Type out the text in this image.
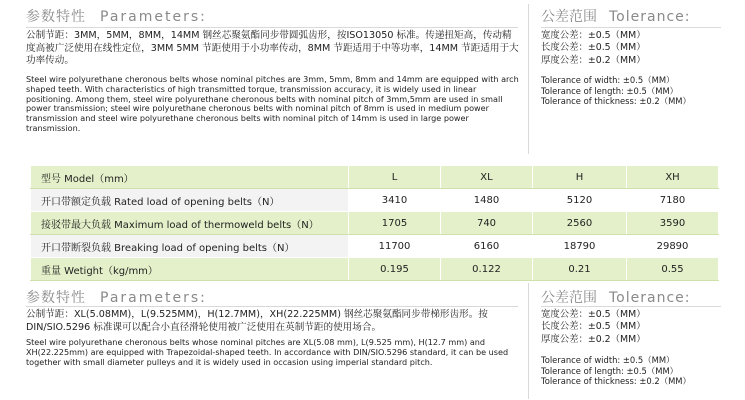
参数特性 Parameters:	公差范围 Tolerance:
公制节距：3MM，5MM，8MM，14MM 钢丝芯聚氨酯同步带圆弧齿形，按ISO13050 标准。传递扭矩高，传动精度高被广泛使用在线性定位，3MM 5MM 节距使用于小功率传动，8MM 节距适用于中等功率，14MM 节距适用于大功率传动。
Steel wire polyurethane cheronous belts whose nominal pitches are 3mm, 5mm, 8mm and 14mm are equipped with arch shaped teeth. With characteristics of high transmitted torque, transmission accuracy, it is widely used in linear positioning. Among them, steel wire polyurethane cheronous belts with nominal pitch of 3mm,5mm are used in small power transmission; steel wire polyurethane cheronous belts with nominal pitch of 8mm is used in medium power transmission and steel wire polyurethane cheronous belts with nominal pitch of 14mm is used in large power transmission.
宽度公差：±0.5（MM）
长度公差：±0.5（MM）
厚度公差：±0.2（MM）
Tolerance of width: ±0.5（MM）
Tolerance of length: ±0.5（MM）
Tolerance of thickness: ±0.2（MM）
型号 Model（mm）	L	XL	H	XH
开口带额定负载 Rated load of opening belts（N）	3410	1480	5120	7180
接驳带最大负载 Maximum load of thermoweld belts（N）	1705	740	2560	3590
开口带断裂负载 Breaking load of opening belts（N）	11700	6160	18790	29890
重量 Wetight（kg/mm）	0.195	0.122	0.21	0.55
参数特性 Parameters:	公差范围 Tolerance:
公制节距：XL(5.08MM)，L(9.525MM)，H(12.7MM)，XH(22.225MM) 钢丝芯聚氨酯同步带梯形齿形。按DIN/SIO.5296 标准课可以配合小直径滑轮使用被广泛使用在英制节距的使用场合。
Steel wire polyurethane cheronous belts whose nominal pitches are XL(5.08 mm), L(9.525 mm), H(12.7 mm) and XH(22.225mm) are equipped with Trapezoidal-shaped teeth. In accordance with DIN/SIO.5296 standard, it can be used together with small diameter pulleys and it is widely used in occasion using imperial standard pitch.
宽度公差：±0.5（MM）
长度公差：±0.5（MM）
厚度公差：±0.2（MM）
Tolerance of width: ±0.5（MM）
Tolerance of length: ±0.5（MM）
Tolerance of thickness: ±0.2（MM）
